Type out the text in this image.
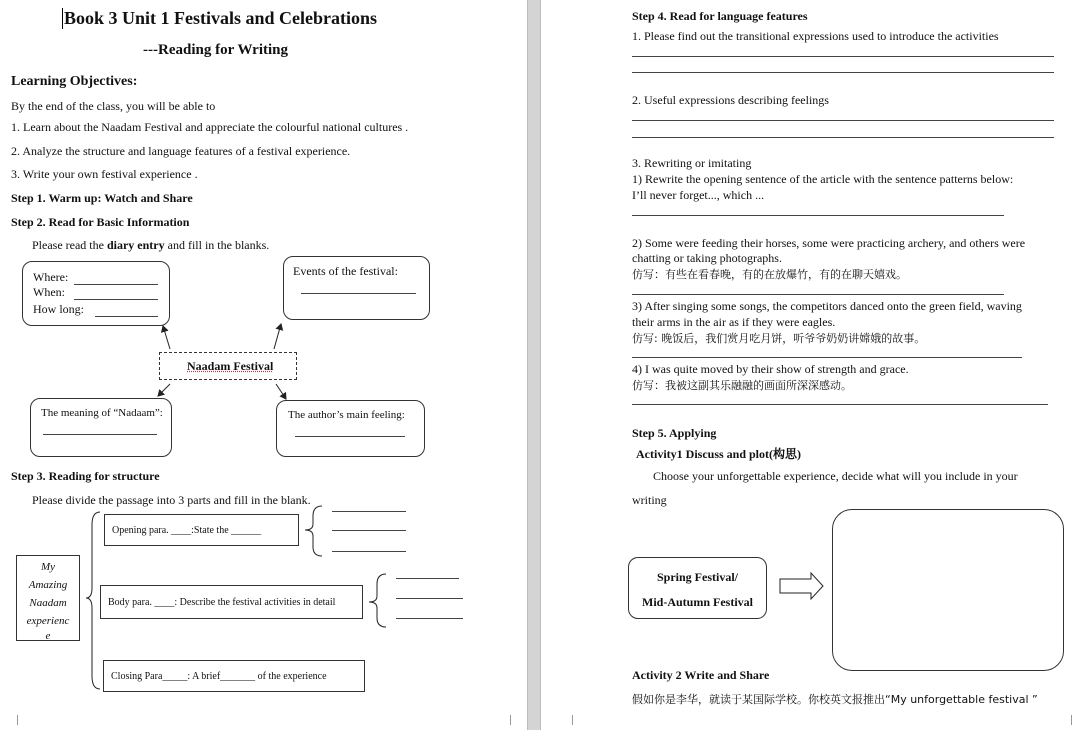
Book 3 Unit 1 Festivals and Celebrations
---Reading for Writing
Learning Objectives:
By the end of the class, you will be able to
1. Learn about the Naadam Festival and appreciate the colourful national cultures .
2. Analyze the structure and language features of a festival experience.
3. Write your own festival experience .
Step 1. Warm up: Watch and Share
Step 2. Read for Basic Information
Please read the diary entry and fill in the blanks.
Where:
When:
How long:
Events of the festival:
Naadam Festival
The meaning of “Nadaam”:	The author’s main feeling:
Step 3. Reading for structure
Please divide the passage into 3 parts and fill in the blank.
My
Amazing
Naadam
experienc
e
Opening para. ____:State the ______
Body para. ____: Describe the festival activities in detail
Closing Para_____: A brief_______ of the experience
Step 4. Read for language features
1. Please find out the transitional expressions used to introduce the activities
2. Useful expressions describing feelings
3. Rewriting or imitating
1) Rewrite the opening sentence of the article with the sentence patterns below:
I’ll never forget..., which ...
2) Some were feeding their horses, some were practicing archery, and others were
chatting or taking photographs.
仿写：有些在看春晚，有的在放爆竹，有的在聊天嬉戏。
3) After singing some songs, the competitors danced onto the green field, waving
their arms in the air as if they were eagles.
仿写: 晚饭后，我们赏月吃月饼，听爷爷奶奶讲嫦娥的故事。
4) I was quite moved by their show of strength and grace.
仿写：我被这副其乐融融的画面所深深感动。
Step 5. Applying
Activity1 Discuss and plot(构思)
Choose your unforgettable experience, decide what will you include in your
writing
Spring Festival/
Mid-Autumn Festival
Activity 2 Write and Share
假如你是李华，就读于某国际学校。你校英文报推出“My unforgettable festival ”
